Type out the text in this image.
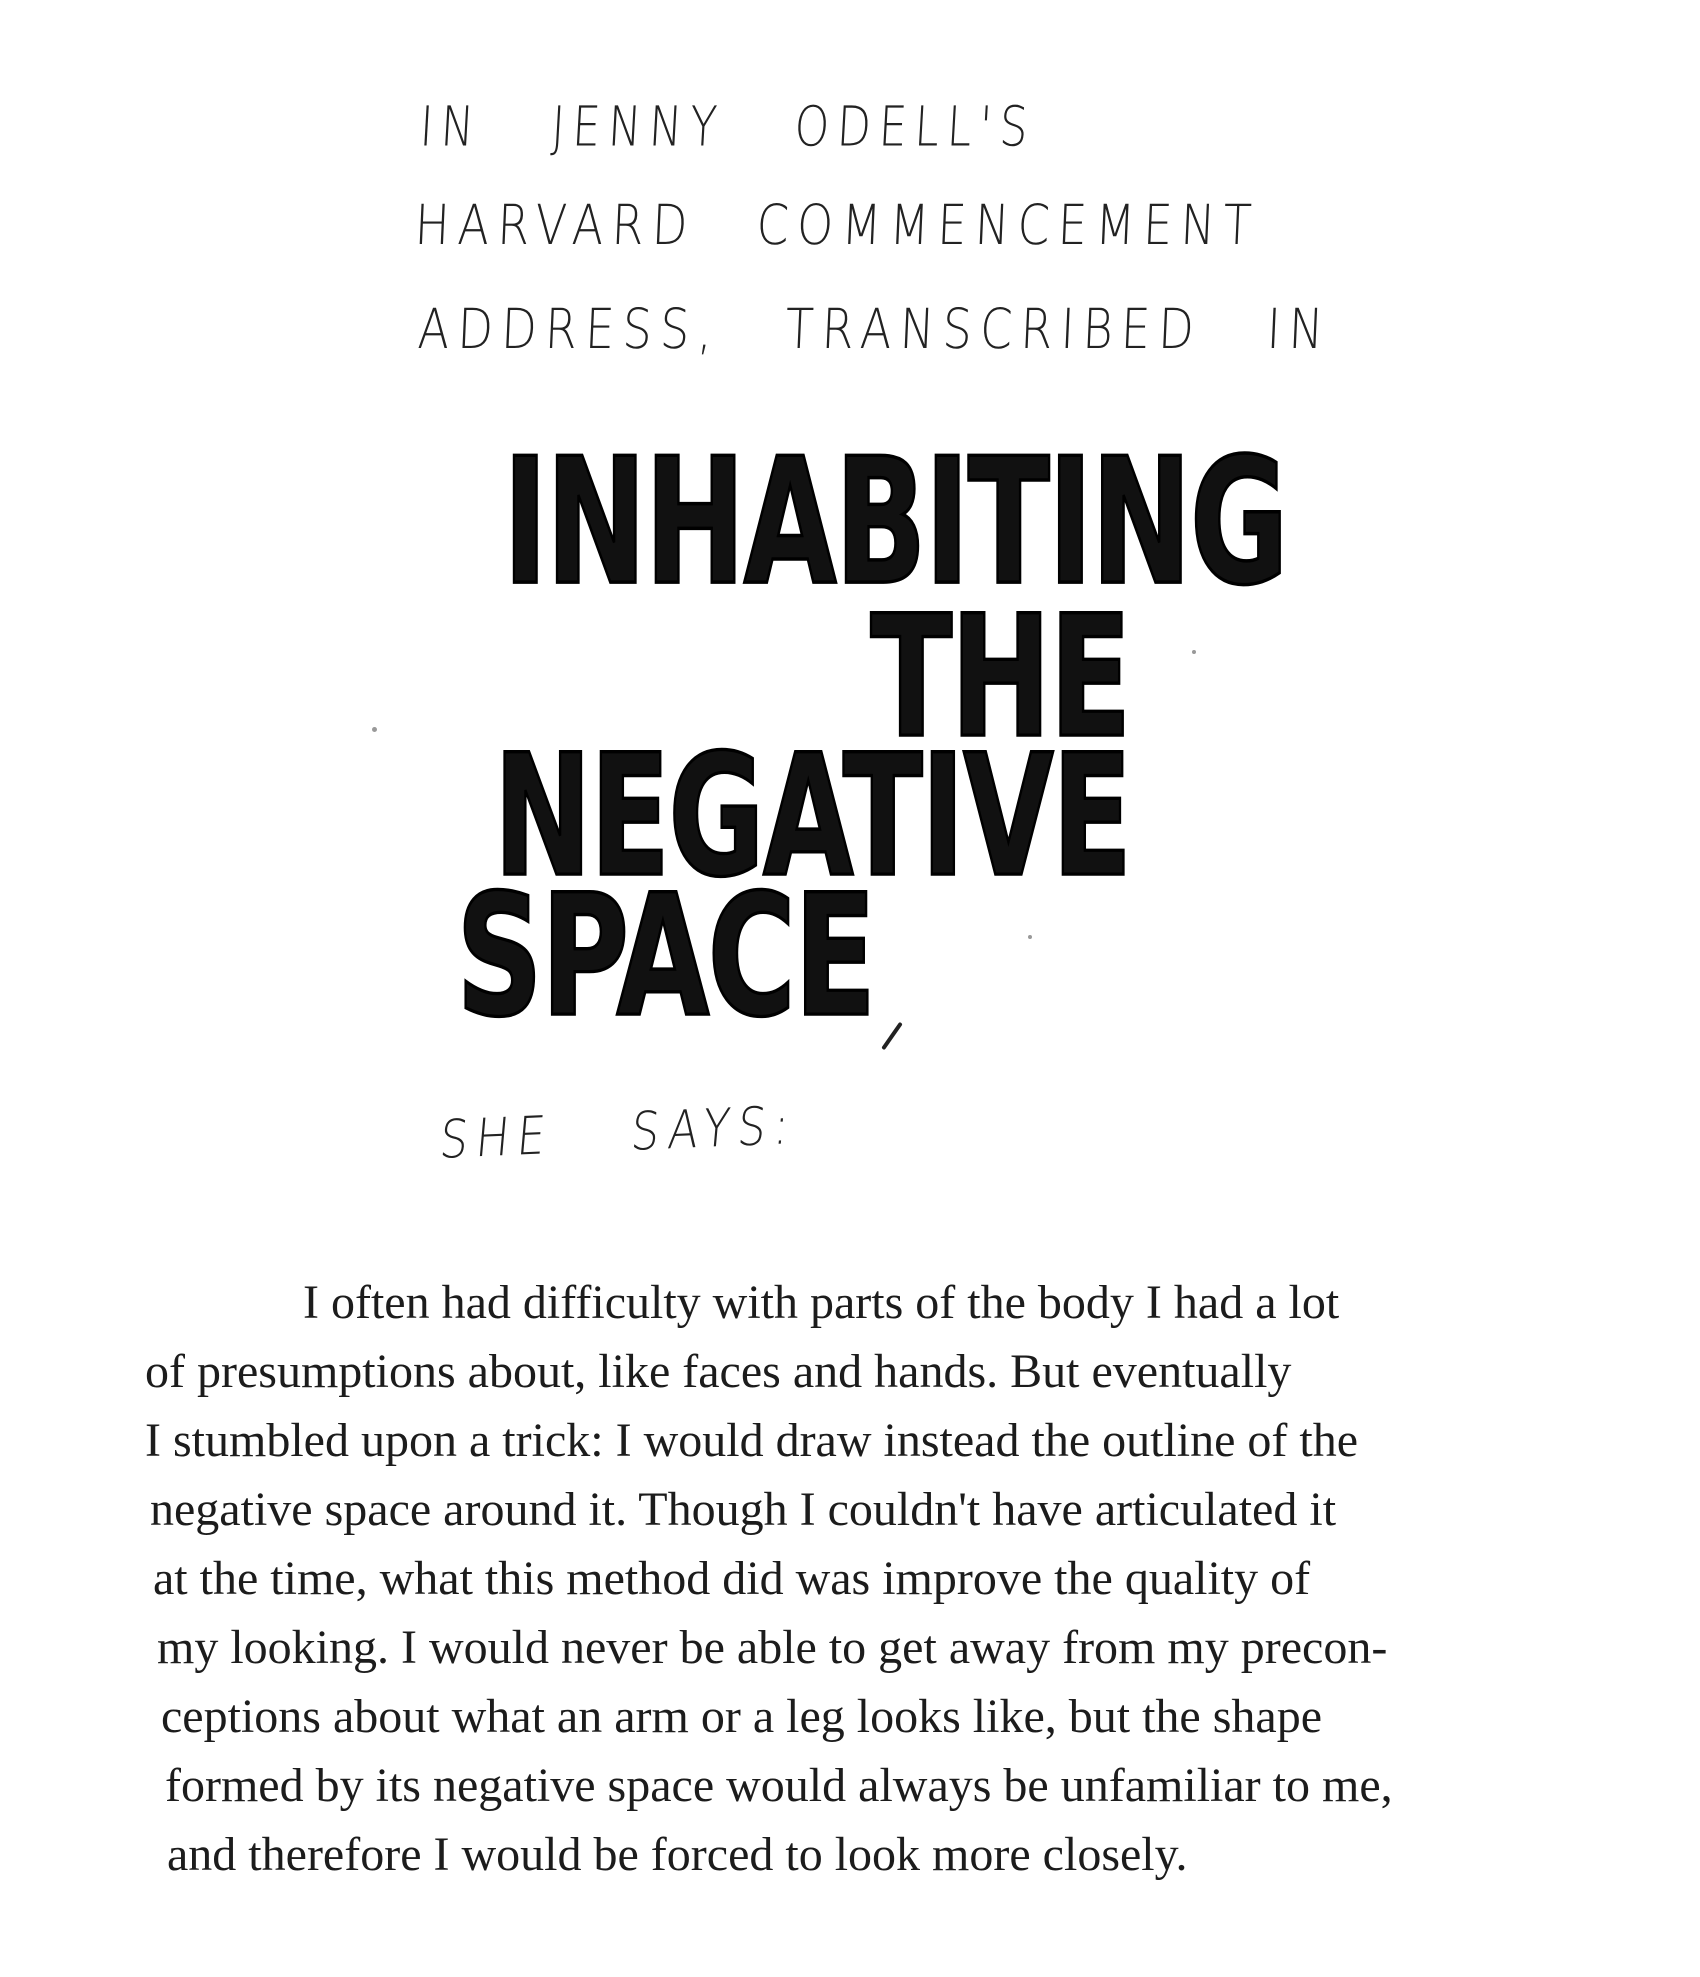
IN JENNY ODELL'S
HARVARD COMMENCEMENT
ADDRESS, TRANSCRIBED IN
INHABITING
THE
NEGATIVE
SPACE
SHE SAYS:
I often had difficulty with parts of the body I had a lot
of presumptions about, like faces and hands. But eventually
I stumbled upon a trick: I would draw instead the outline of the
negative space around it. Though I couldn't have articulated it
at the time, what this method did was improve the quality of
my looking. I would never be able to get away from my precon-
ceptions about what an arm or a leg looks like, but the shape
formed by its negative space would always be unfamiliar to me,
and therefore I would be forced to look more closely.
